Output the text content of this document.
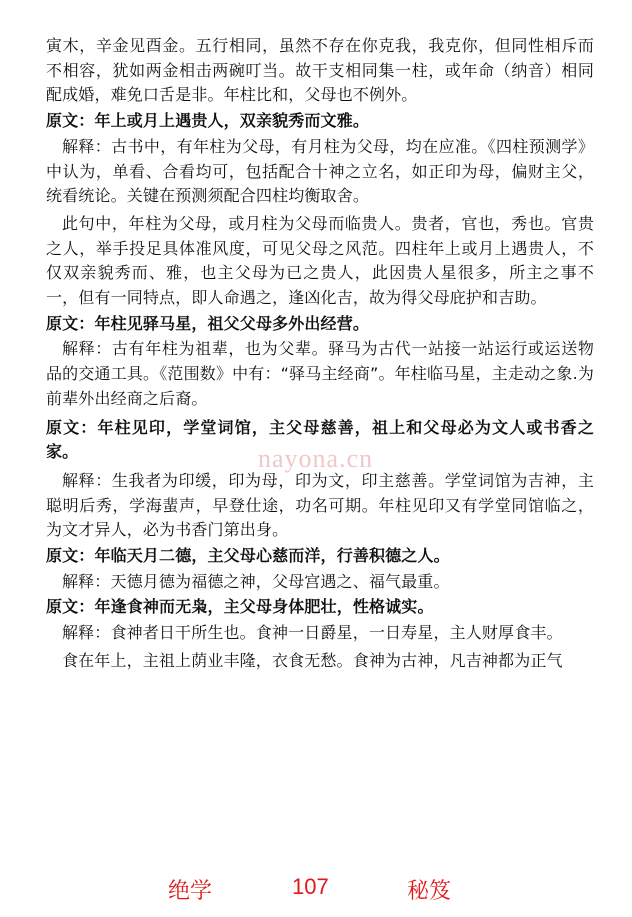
寅木，辛金见酉金。五行相同，虽然不存在你克我，我克你，但同性相斥而不相容，犹如两金相击两碗叮当。故干支相同集一柱，或年命（纳音）相同配成婚，难免口舌是非。年柱比和，父母也不例外。

原文：年上或月上遇贵人，双亲貌秀而文雅。

解释：古书中，有年柱为父母，有月柱为父母，均在应准。《四柱预测学》中认为，单看、合看均可，包括配合十神之立名，如正印为母，偏财主父，统看统论。关键在预测须配合四柱均衡取舍。

此句中，年柱为父母，或月柱为父母而临贵人。贵者，官也，秀也。官贵之人，举手投足具体准风度，可见父母之风范。四柱年上或月上遇贵人，不仅双亲貌秀而、雅，也主父母为已之贵人，此因贵人星很多，所主之事不一，但有一同特点，即人命遇之，逢凶化吉，故为得父母庇护和吉助。

原文：年柱见驿马星，祖父父母多外出经营。

解释：古有年柱为祖辈，也为父辈。驿马为古代一站接一站运行或运送物品的交通工具。《范围数》中有：“驿马主经商”。年柱临马星，主走动之象.为前辈外出经商之后裔。

原文：年柱见印，学堂词馆，主父母慈善，祖上和父母必为文人或书香之家。

解释：生我者为印缓，印为母，印为文，印主慈善。学堂词馆为吉神，主聪明后秀，学海蜚声，早登仕途，功名可期。年柱见印又有学堂同馆临之，为文才异人，必为书香门第出身。

原文：年临天月二德，主父母心慈而洋，行善积德之人。

解释：天德月德为福德之神，父母宫遇之、福气最重。

原文：年逢食神而无枭，主父母身体肥壮，性格诚实。

解释：食神者日干所生也。食神一日爵星，一日寿星，主人财厚食丰。

食在年上，主祖上荫业丰隆，衣食无愁。食神为古神，凡吉神都为正气

nayona.cn
绝学	107	秘笈
